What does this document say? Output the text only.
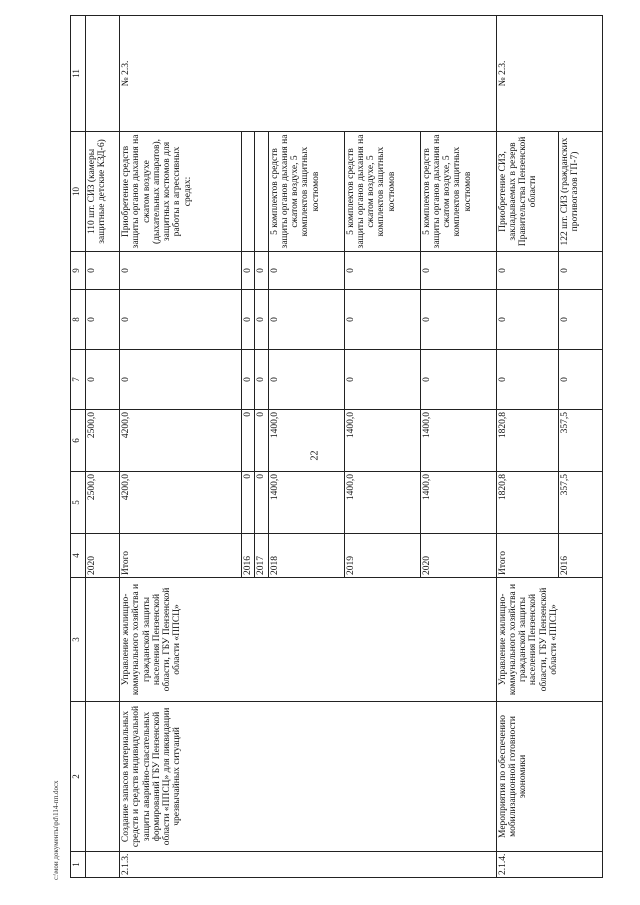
22
c:\мои документы\pd\114-пп.docx 1	2	3	4	5	6	7	8	9	10	11
			2020	2500,0	2500,0	0	0	0	110 шт. СИЗ (камеры защитные детские КЗД-6)	
2.1.3.	Создание запасов материальных средств и средств индивидуальной защиты аварийно-спасательных формирований ГБУ Пензенской области «ППСЦ» для ликвидации чрезвычайных ситуаций	Управление жилищно-коммунального хозяйства и гражданской защиты населения Пензенской области, ГБУ Пензенской области «ППСЦ»	Итого	4200,0	4200,0	0	0	0	Приобретение средств защиты органов дыхания на сжатом воздухе (дыхательных аппаратов), защитных костюмов для работы в агрессивных средах:	№ 2.3.
			2016	0	0	0	0	0		
			2017	0	0	0	0	0		
			2018	1400,0	1400,0	0	0	0	5 комплектов средств защиты органов дыхания на сжатом воздухе, 5 комплектов защитных костюмов	
			2019	1400,0	1400,0	0	0	0	5 комплектов средств защиты органов дыхания на сжатом воздухе, 5 комплектов защитных костюмов	
			2020	1400,0	1400,0	0	0	0	5 комплектов средств защиты органов дыхания на сжатом воздухе, 5 комплектов защитных костюмов	
2.1.4.	Мероприятия по обеспечению мобилизационной готовности экономики	Управление жилищно-коммунального хозяйства и гражданской защиты населения Пензенской области, ГБУ Пензенской области «ППСЦ»	Итого	1820,8	1820,8	0	0	0	Приобретение СИЗ, закладываемых в резерв Правительства Пензенской области	№ 2.3.
			2016	357,5	357,5	0	0	0	122 шт. СИЗ (гражданских противогазов ГП-7)	
